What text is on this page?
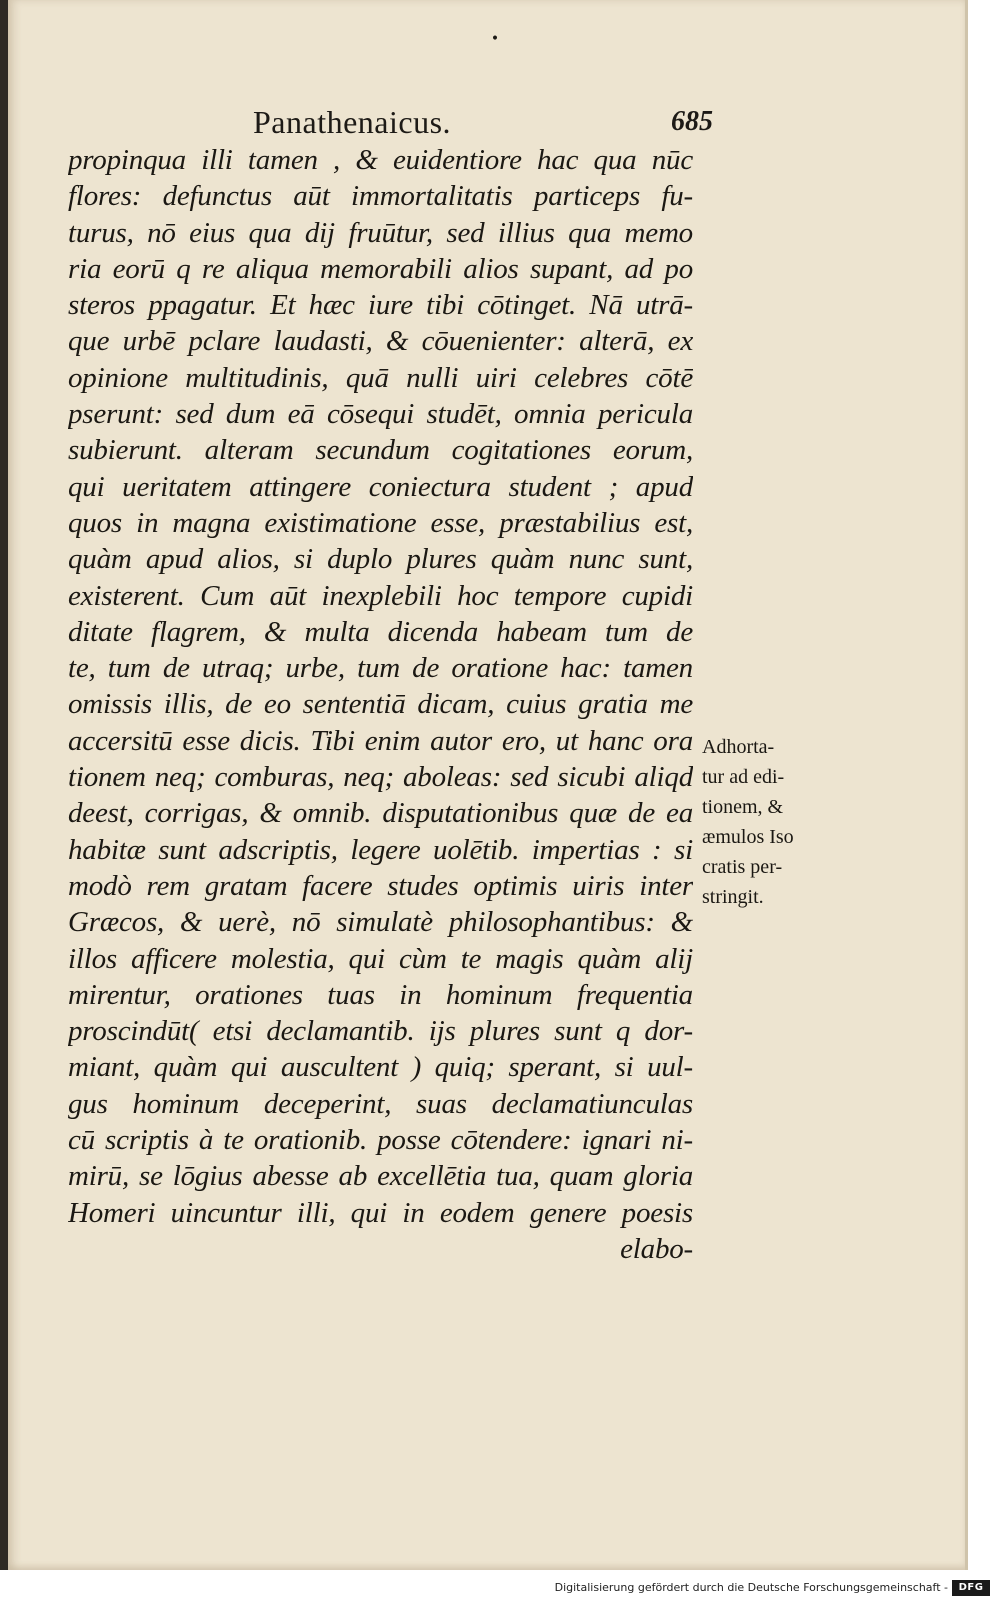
•
Panathenaicus.	685
propinqua illi tamen , & euidentiore hac qua nūc
flores: defunctus aūt immortalitatis particeps fu-
turus, nō eius qua dij fruūtur, sed illius qua memo
ria eorū q re aliqua memorabili alios supant, ad po
steros ppagatur. Et hæc iure tibi cōtinget. Nā utrā-
que urbē pclare laudasti, & cōuenienter: alterā, ex
opinione multitudinis, quā nulli uiri celebres cōtē
pserunt: sed dum eā cōsequi studēt, omnia pericula
subierunt. alteram secundum cogitationes eorum,
qui ueritatem attingere coniectura student ; apud
quos in magna existimatione esse, præstabilius est,
quàm apud alios, si duplo plures quàm nunc sunt,
existerent. Cum aūt inexplebili hoc tempore cupidi
ditate flagrem, & multa dicenda habeam tum de
te, tum de utraq; urbe, tum de oratione hac: tamen
omissis illis, de eo sententiā dicam, cuius gratia me
accersitū esse dicis. Tibi enim autor ero, ut hanc ora
tionem neq; comburas, neq; aboleas: sed sicubi aliqd
deest, corrigas, & omnib. disputationibus quæ de ea
habitæ sunt adscriptis, legere uolētib. impertias : si
modò rem gratam facere studes optimis uiris inter
Græcos, & uerè, nō simulatè philosophantibus: &
illos afficere molestia, qui cùm te magis quàm alij
mirentur, orationes tuas in hominum frequentia
proscindūt( etsi declamantib. ijs plures sunt q dor-
miant, quàm qui auscultent ) quiq; sperant, si uul-
gus hominum deceperint, suas declamatiunculas
cū scriptis à te orationib. posse cōtendere: ignari ni-
mirū, se lōgius abesse ab excellētia tua, quam gloria
Homeri uincuntur illi, qui in eodem genere poesis
elabo-
Adhorta-
tur ad edi-
tionem, &
æmulos Iso
cratis per-
stringit.
Digitalisierung gefördert durch die Deutsche Forschungsgemeinschaft -	DFG
